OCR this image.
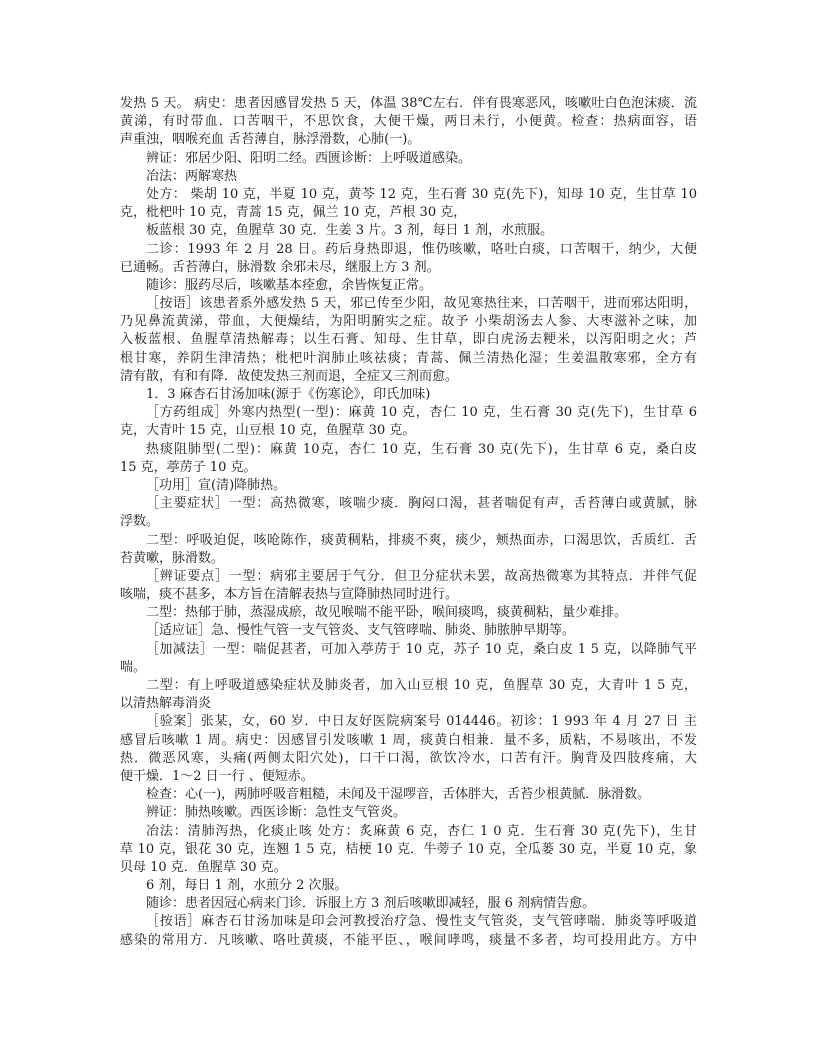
发热 5 天。 病史：患者因感冒发热 5 天，体温 38℃左右．伴有畏寒恶风，咳嗽吐白色泡沫痰．流
黄涕，有时带血．口苦咽干，不思饮食，大便干燥，两日未行，小便黄。检查：热病面容，语
声重浊，咽喉充血 舌苔薄自，脉浮滑数，心肺(一)。
辨证：邪居少阳、阳明二经。西匮诊断：上呼吸道感染。
冶法：两解寒热
处方： 柴胡 10 克，半夏 10 克，黄芩 12 克，生石膏 30 克(先下)，知母 10 克，生甘草 10
克，枇杷叶 10 克，青蒿 15 克，佩兰 10 克，芦根 30 克，
板蓝根 30 克，鱼腥草 30 克．生姜 3 片。3 剂，每日 1 剂，水煎服。
二诊：1993 年 2 月 28 日。药后身热即退，惟仍咳嗽，咯吐白痰，口苦咽干，纳少，大便
已通畅。舌苔薄白，脉滑数 余邪未尽，继服上方 3 剂。
随诊：服药尽后，咳嗽基本痊愈，余皆恢复正常。
［按语］该患者系外感发热 5 天，邪已传至少阳，故见寒热往来，口苦咽干，进而邪达阳明，
乃见鼻流黄涕，带血，大便燥结，为阳明腑实之症。故予 小柴胡汤去人参、大枣滋补之味，加
入板蓝根、鱼腥草清热解毒；以生石膏、知母、生甘草，即白虎汤去粳米，以泻阳明之火；芦
根甘寒，养阴生津清热；枇杷叶润肺止咳祛痰；青蒿、佩兰清热化湿；生姜温散寒邪，全方有
清有散，有和有降．故使发热三剂而退，全症又三剂而愈。
1．3 麻杏石甘汤加味(源于《伤寒论》，印氏加味)
［方药组成］外寒内热型(一型)：麻黄 10 克，杏仁 10 克，生石膏 30 克(先下)，生甘草 6
克，大青叶 15 克，山豆根 10 克，鱼腥草 30 克。
热痰阻肺型(二型)：麻黄 10克，杏仁 10 克，生石膏 30 克(先下)，生甘草 6 克，桑白皮
15 克，葶苈子 10 克。
［功用］宣(清)降肺热。
［主要症状］一型：高热微寒，咳喘少痰．胸闷口渴，甚者喘促有声，舌苔薄白或黄腻，脉
浮数。
二型：呼吸迫促，咳呛陈作，痰黄稠粘，排痰不爽，痰少，颊热面赤，口渴思饮，舌质红．舌
苔黄嗽，脉滑数。
［辨证要点］一型：病邪主要居于气分．但卫分症状未罢，故高热微寒为其特点．并伴气促
咳喘，痰不甚多，本方旨在清解表热与宣降肺热同时进行。
二型：热郁于肺，蒸湿成瘀，故见喉喘不能平卧，喉间痰鸣，痰黄稠粘，量少难排。
［适应证］急、慢性气管一支气管炎、支气管哮喘、肺炎、肺脓肿早期等。
［加减法］一型：喘促甚者，可加入葶苈于 10 克，苏子 10 克，桑白皮 1 5 克，以降肺气平
喘。
二型：有上呼吸道感染症状及肺炎者，加入山豆根 10 克，鱼腥草 30 克，大青叶 1 5 克，
以清热解毒消炎
［验案］张某，女，60 岁．中日友好医院病案号 014446。初诊：1 993 年 4 月 27 日 主
感冒后咳嗽 1 周。病史：因感冒引发咳嗽 1 周，痰黄白相兼．量不多，质粘，不易咳出，不发
热．微恶风寒，头痛(两侧太阳穴处)，口干口渴，欲饮冷水，口苦有汗。胸背及四肢疼痛，大
便干燥．1～2 日一行 、便短赤。
检查：心(一)，两肺呼吸音粗糙，未闻及干湿啰音，舌体胖大，舌苔少根黄腻．脉滑数。
辨证：肺热咳嗽。西医诊断：急性支气管炎。
冶法：清肺泻热，化痰止咳 处方：炙麻黄 6 克，杏仁 1 0 克．生石膏 30 克(先下)，生甘
草 10 克，银花 30 克，连翘 1 5 克，桔梗 10 克．牛蒡子 10 克，全瓜蒌 30 克，半夏 10 克，象
贝母 10 克．鱼腥草 30 克。
6 剂，每日 1 剂，水煎分 2 次服。
随诊：患者因冠心病来门诊．诉服上方 3 剂后咳嗽即减轻，服 6 剂病情告愈。
［按语］麻杏石甘汤加味是印会河教授治疗急、慢性支气管炎，支气管哮喘．肺炎等呼吸道
感染的常用方．凡咳嗽、咯吐黄痰，不能平臣、，喉间哮鸣，痰量不多者，均可投用此方。方中
